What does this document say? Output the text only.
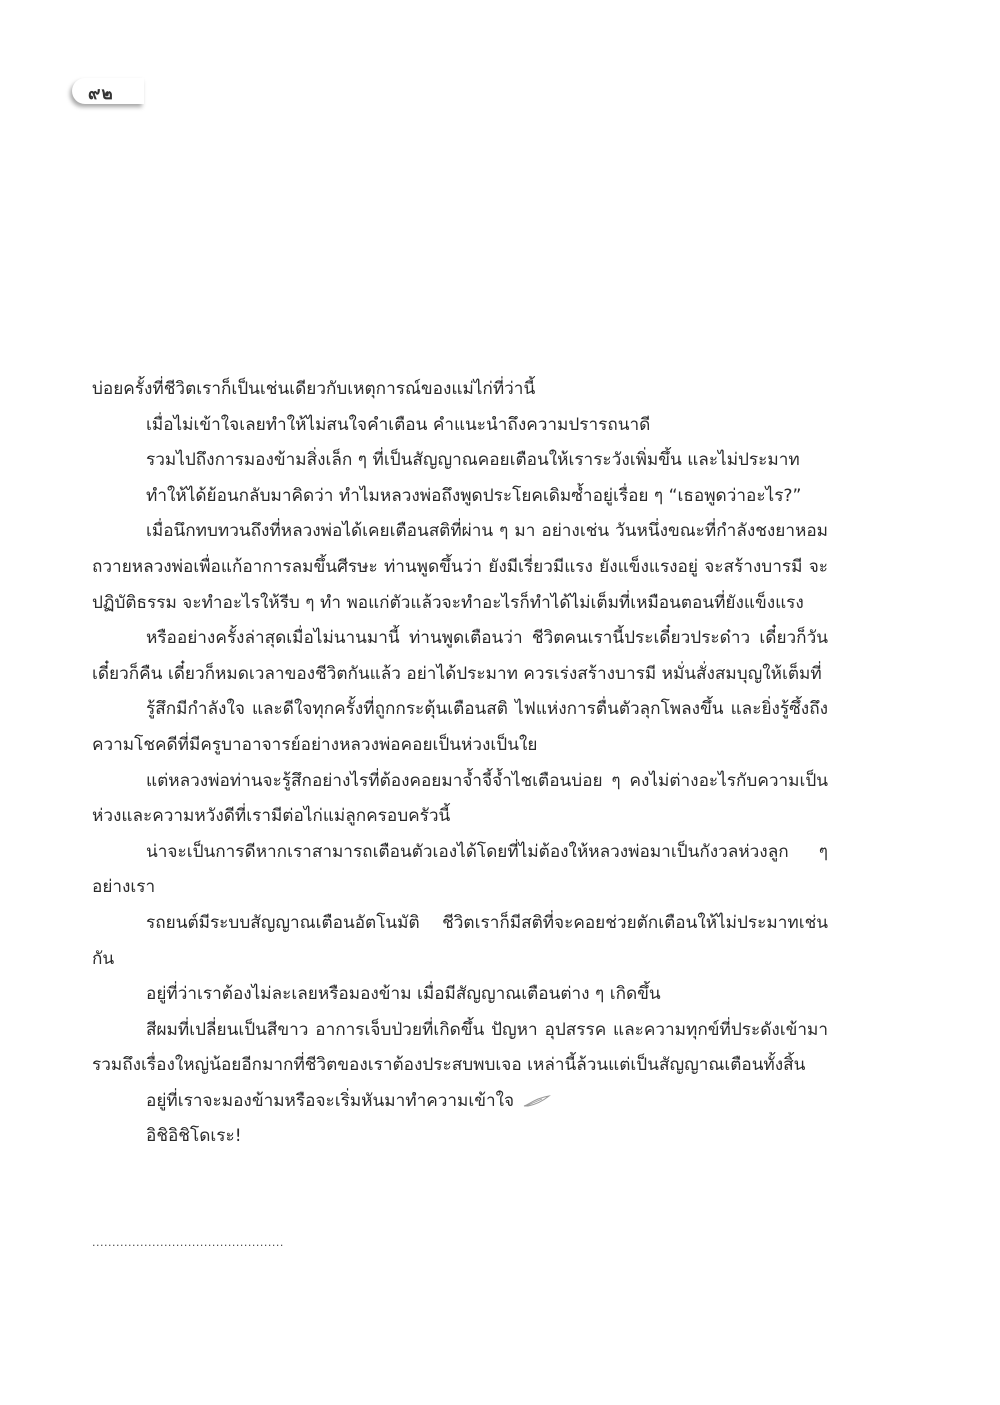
๙๒

บ่อยครั้งที่ชีวิตเราก็เป็นเช่นเดียวกับเหตุการณ์ของแม่ไก่ที่ว่านี้

เมื่อไม่เข้าใจเลยทำให้ไม่สนใจคำเตือน คำแนะนำถึงความปรารถนาดี

รวมไปถึงการมองข้ามสิ่งเล็ก ๆ ที่เป็นสัญญาณคอยเตือนให้เราระวังเพิ่มขึ้น และไม่ประมาท

ทำให้ได้ย้อนกลับมาคิดว่า ทำไมหลวงพ่อถึงพูดประโยคเดิมซ้ำอยู่เรื่อย ๆ “เธอพูดว่าอะไร?”

เมื่อนึกทบทวนถึงที่หลวงพ่อได้เคยเตือนสติที่ผ่าน ๆ มา อย่างเช่น วันหนึ่งขณะที่กำลังชงยาหอมถวายหลวงพ่อเพื่อแก้อาการลมขึ้นศีรษะ ท่านพูดขึ้นว่า ยังมีเรี่ยวมีแรง ยังแข็งแรงอยู่ จะสร้างบารมี จะปฏิบัติธรรม จะทำอะไรให้รีบ ๆ ทำ พอแก่ตัวแล้วจะทำอะไรก็ทำได้ไม่เต็มที่เหมือนตอนที่ยังแข็งแรง

หรืออย่างครั้งล่าสุดเมื่อไม่นานมานี้ ท่านพูดเตือนว่า ชีวิตคนเรานี้ประเดี๋ยวประด๋าว เดี๋ยวก็วัน เดี๋ยวก็คืน เดี๋ยวก็หมดเวลาของชีวิตกันแล้ว อย่าได้ประมาท ควรเร่งสร้างบารมี หมั่นสั่งสมบุญให้เต็มที่

รู้สึกมีกำลังใจ และดีใจทุกครั้งที่ถูกกระตุ้นเตือนสติ ไฟแห่งการตื่นตัวลุกโพลงขึ้น และยิ่งรู้ซึ้งถึงความโชคดีที่มีครูบาอาจารย์อย่างหลวงพ่อคอยเป็นห่วงเป็นใย

แต่หลวงพ่อท่านจะรู้สึกอย่างไรที่ต้องคอยมาจ้ำจี้จ้ำไชเตือนบ่อย ๆ คงไม่ต่างอะไรกับความเป็นห่วงและความหวังดีที่เรามีต่อไก่แม่ลูกครอบครัวนี้

น่าจะเป็นการดีหากเราสามารถเตือนตัวเองได้โดยที่ไม่ต้องให้หลวงพ่อมาเป็นกังวลห่วงลูก ๆ อย่างเรา

รถยนต์มีระบบสัญญาณเตือนอัตโนมัติ ชีวิตเราก็มีสติที่จะคอยช่วยตักเตือนให้ไม่ประมาทเช่นกัน

อยู่ที่ว่าเราต้องไม่ละเลยหรือมองข้าม เมื่อมีสัญญาณเตือนต่าง ๆ เกิดขึ้น

สีผมที่เปลี่ยนเป็นสีขาว อาการเจ็บป่วยที่เกิดขึ้น ปัญหา อุปสรรค และความทุกข์ที่ประดังเข้ามา รวมถึงเรื่องใหญ่น้อยอีกมากที่ชีวิตของเราต้องประสบพบเจอ เหล่านี้ล้วนแต่เป็นสัญญาณเตือนทั้งสิ้น

อยู่ที่เราจะมองข้ามหรือจะเริ่มหันมาทำความเข้าใจ

อิชิอิชิโดเระ!

................................................
